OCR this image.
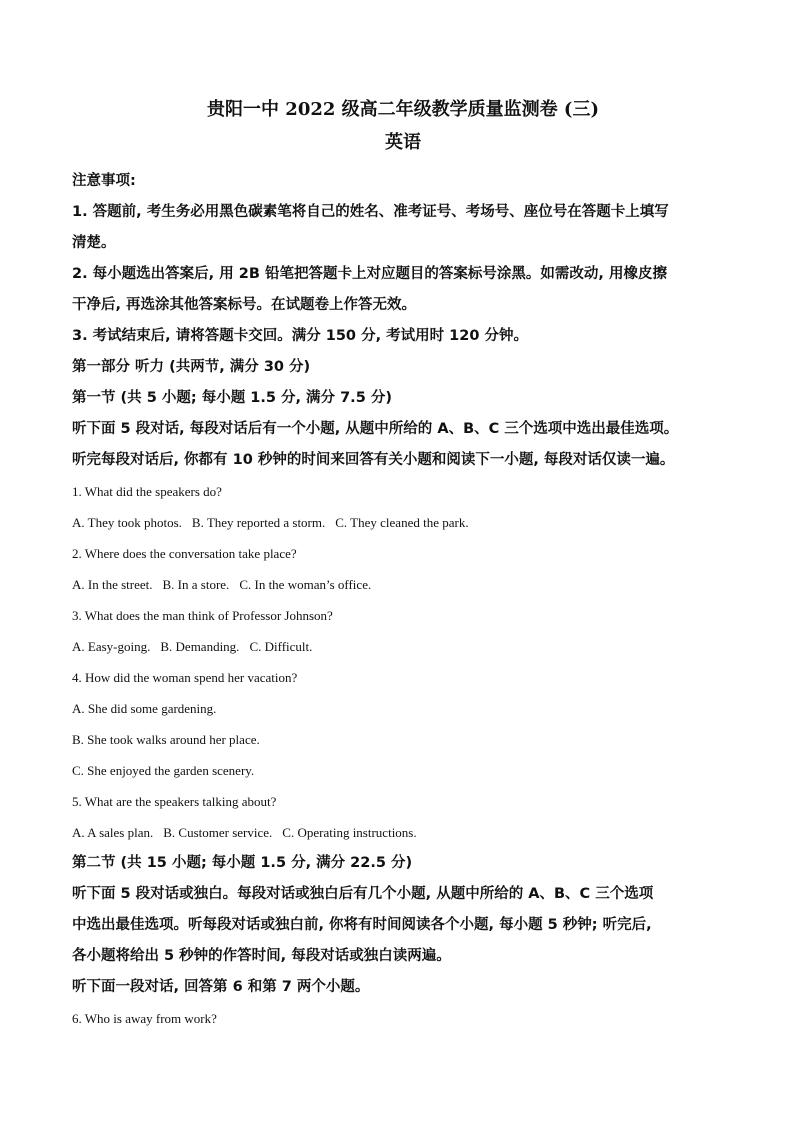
贵阳一中 2022 级高二年级教学质量监测卷 (三)

英语

注意事项:

1. 答题前, 考生务必用黑色碳素笔将自己的姓名、准考证号、考场号、座位号在答题卡上填写

清楚。

2. 每小题选出答案后, 用 2B 铅笔把答题卡上对应题目的答案标号涂黑。如需改动, 用橡皮擦

干净后, 再选涂其他答案标号。在试题卷上作答无效。

3. 考试结束后, 请将答题卡交回。满分 150 分, 考试用时 120 分钟。

第一部分 听力 (共两节, 满分 30 分)

第一节 (共 5 小题; 每小题 1.5 分, 满分 7.5 分)

听下面 5 段对话, 每段对话后有一个小题, 从题中所给的 A、B、C 三个选项中选出最佳选项。

听完每段对话后, 你都有 10 秒钟的时间来回答有关小题和阅读下一小题, 每段对话仅读一遍。

1. What did the speakers do?

A. They took photos. B. They reported a storm. C. They cleaned the park.

2. Where does the conversation take place?

A. In the street. B. In a store. C. In the woman’s office.

3. What does the man think of Professor Johnson?

A. Easy-going. B. Demanding. C. Difficult.

4. How did the woman spend her vacation?

A. She did some gardening.

B. She took walks around her place.

C. She enjoyed the garden scenery.

5. What are the speakers talking about?

A. A sales plan. B. Customer service. C. Operating instructions.

第二节 (共 15 小题; 每小题 1.5 分, 满分 22.5 分)

听下面 5 段对话或独白。每段对话或独白后有几个小题, 从题中所给的 A、B、C 三个选项

中选出最佳选项。听每段对话或独白前, 你将有时间阅读各个小题, 每小题 5 秒钟; 听完后,

各小题将给出 5 秒钟的作答时间, 每段对话或独白读两遍。

听下面一段对话, 回答第 6 和第 7 两个小题。

6. Who is away from work?
